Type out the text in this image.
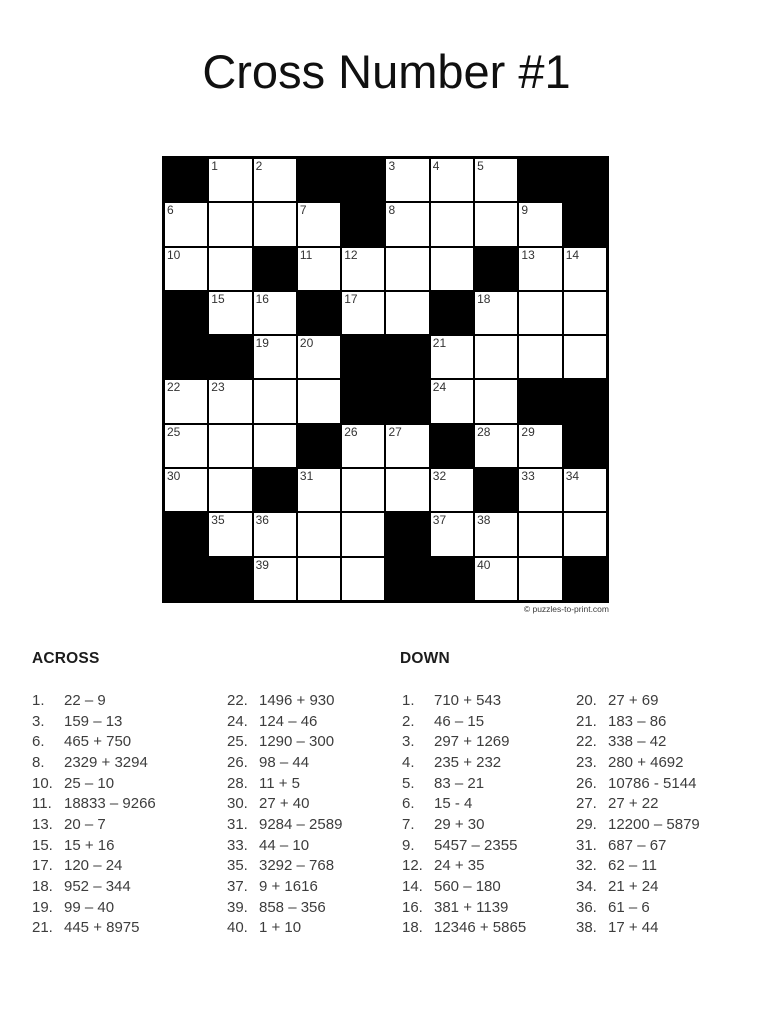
Cross Number #1
1	2	3	4	5
6	7	8	9
10	11	12	13	14
15	16	17	18
19	20	21
22	23	24
25	26	27	28	29
30	31	32	33	34
35	36	37	38
39	40
© puzzles-to-print.com
ACROSS	DOWN
1.	22 – 9
3.	159 – 13
6.	465 + 750
8.	2329 + 3294
10. 25 – 10
11. 18833 – 9266
13. 20 – 7
15. 15 + 16
17. 120 – 24
18. 952 – 344
19. 99 – 40
21. 445 + 8975
22. 1496 + 930
24. 124 – 46
25. 1290 – 300
26. 98 – 44
28. 11 + 5
30. 27 + 40
31. 9284 – 2589
33. 44 – 10
35. 3292 – 768
37. 9 + 1616
39. 858 – 356
40. 1 + 10
1.	710 + 543
2.	46 – 15
3.	297 + 1269
4.	235 + 232
5.	83 – 21
6.	15 - 4
7.	29 + 30
9.	5457 – 2355
12. 24 + 35
14. 560 – 180
16. 381 + 1139
18. 12346 + 5865
20. 27 + 69
21. 183 – 86
22. 338 – 42
23. 280 + 4692
26. 10786 - 5144
27. 27 + 22
29. 12200 – 5879
31. 687 – 67
32. 62 – 11
34. 21 + 24
36. 61 – 6
38. 17 + 44
